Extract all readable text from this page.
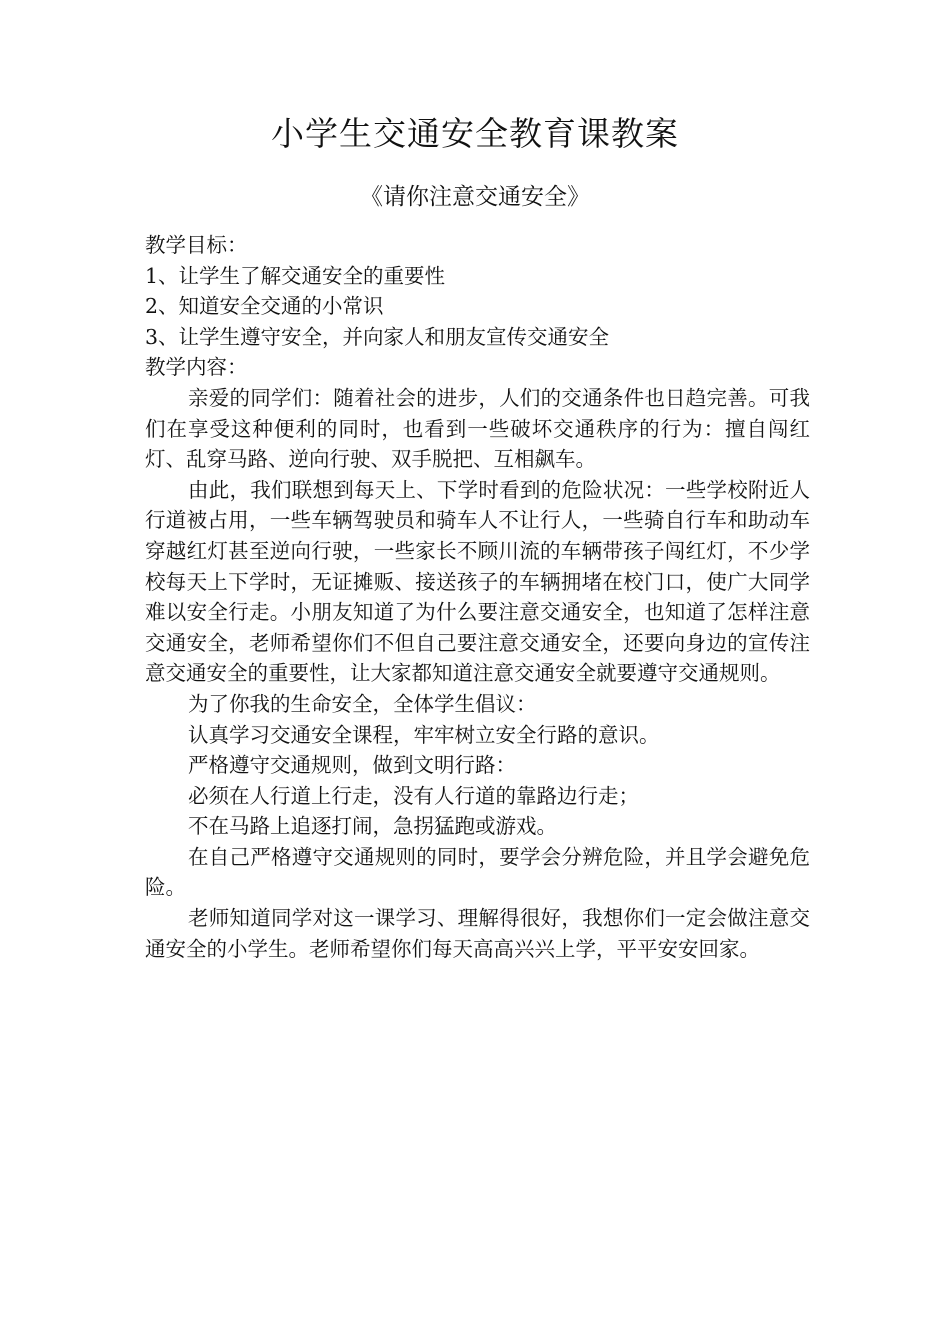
小学生交通安全教育课教案
《请你注意交通安全》

教学目标：

1、让学生了解交通安全的重要性

2、知道安全交通的小常识

3、让学生遵守安全，并向家人和朋友宣传交通安全

教学内容：

亲爱的同学们：随着社会的进步，人们的交通条件也日趋完善。可我们在享受这种便利的同时，也看到一些破坏交通秩序的行为：擅自闯红灯、乱穿马路、逆向行驶、双手脱把、互相飙车。

由此，我们联想到每天上、下学时看到的危险状况：一些学校附近人行道被占用，一些车辆驾驶员和骑车人不让行人，一些骑自行车和助动车穿越红灯甚至逆向行驶，一些家长不顾川流的车辆带孩子闯红灯，不少学校每天上下学时，无证摊贩、接送孩子的车辆拥堵在校门口，使广大同学难以安全行走。小朋友知道了为什么要注意交通安全，也知道了怎样注意交通安全，老师希望你们不但自己要注意交通安全，还要向身边的宣传注意交通安全的重要性，让大家都知道注意交通安全就要遵守交通规则。

为了你我的生命安全，全体学生倡议：

认真学习交通安全课程，牢牢树立安全行路的意识。

严格遵守交通规则，做到文明行路：

必须在人行道上行走，没有人行道的靠路边行走；

不在马路上追逐打闹，急拐猛跑或游戏。

在自己严格遵守交通规则的同时，要学会分辨危险，并且学会避免危险。

老师知道同学对这一课学习、理解得很好，我想你们一定会做注意交通安全的小学生。老师希望你们每天高高兴兴上学，平平安安回家。
